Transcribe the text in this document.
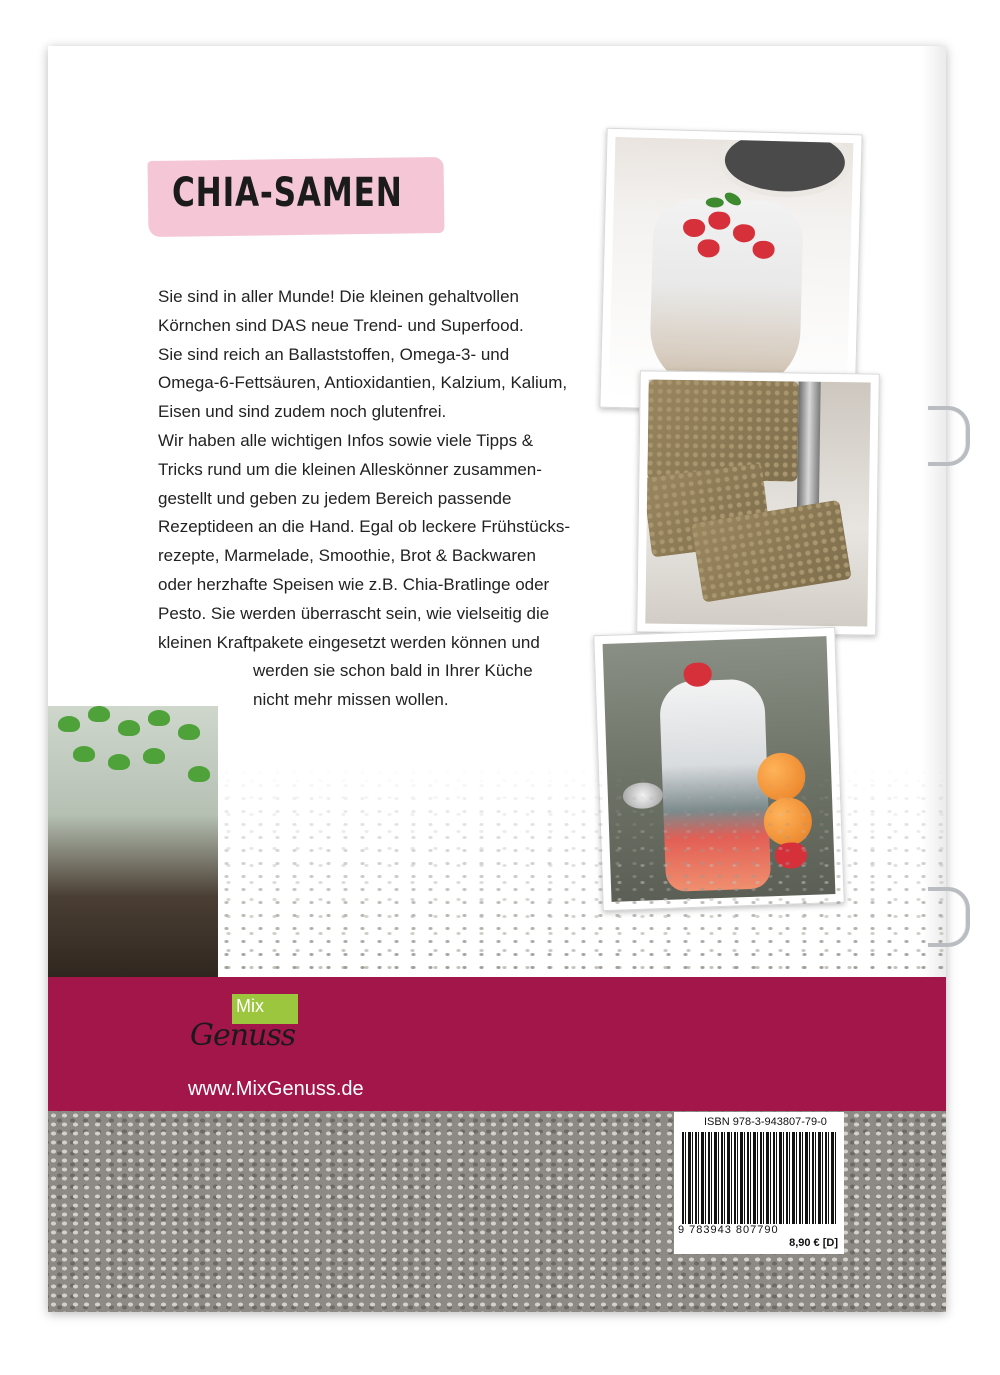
CHIA-SAMEN

Sie sind in aller Munde! Die kleinen gehaltvollen

Körnchen sind DAS neue Trend- und Superfood.

Sie sind reich an Ballaststoffen, Omega-3- und

Omega-6-Fettsäuren, Antioxidantien, Kalzium, Kalium,

Eisen und sind zudem noch glutenfrei.

Wir haben alle wichtigen Infos sowie viele Tipps &

Tricks rund um die kleinen Alleskönner zusammen-

gestellt und geben zu jedem Bereich passende

Rezeptideen an die Hand. Egal ob leckere Frühstücks-

rezepte, Marmelade, Smoothie, Brot & Backwaren

oder herzhafte Speisen wie z.B. Chia-Bratlinge oder

Pesto. Sie werden überrascht sein, wie vielseitig die

kleinen Kraftpakete eingesetzt werden können und

werden sie schon bald in Ihrer Küche

nicht mehr missen wollen.

Mix
Genuss
www.MixGenuss.de
ISBN 978-3-943807-79-0
9 783943 807790
8,90 € [D]
